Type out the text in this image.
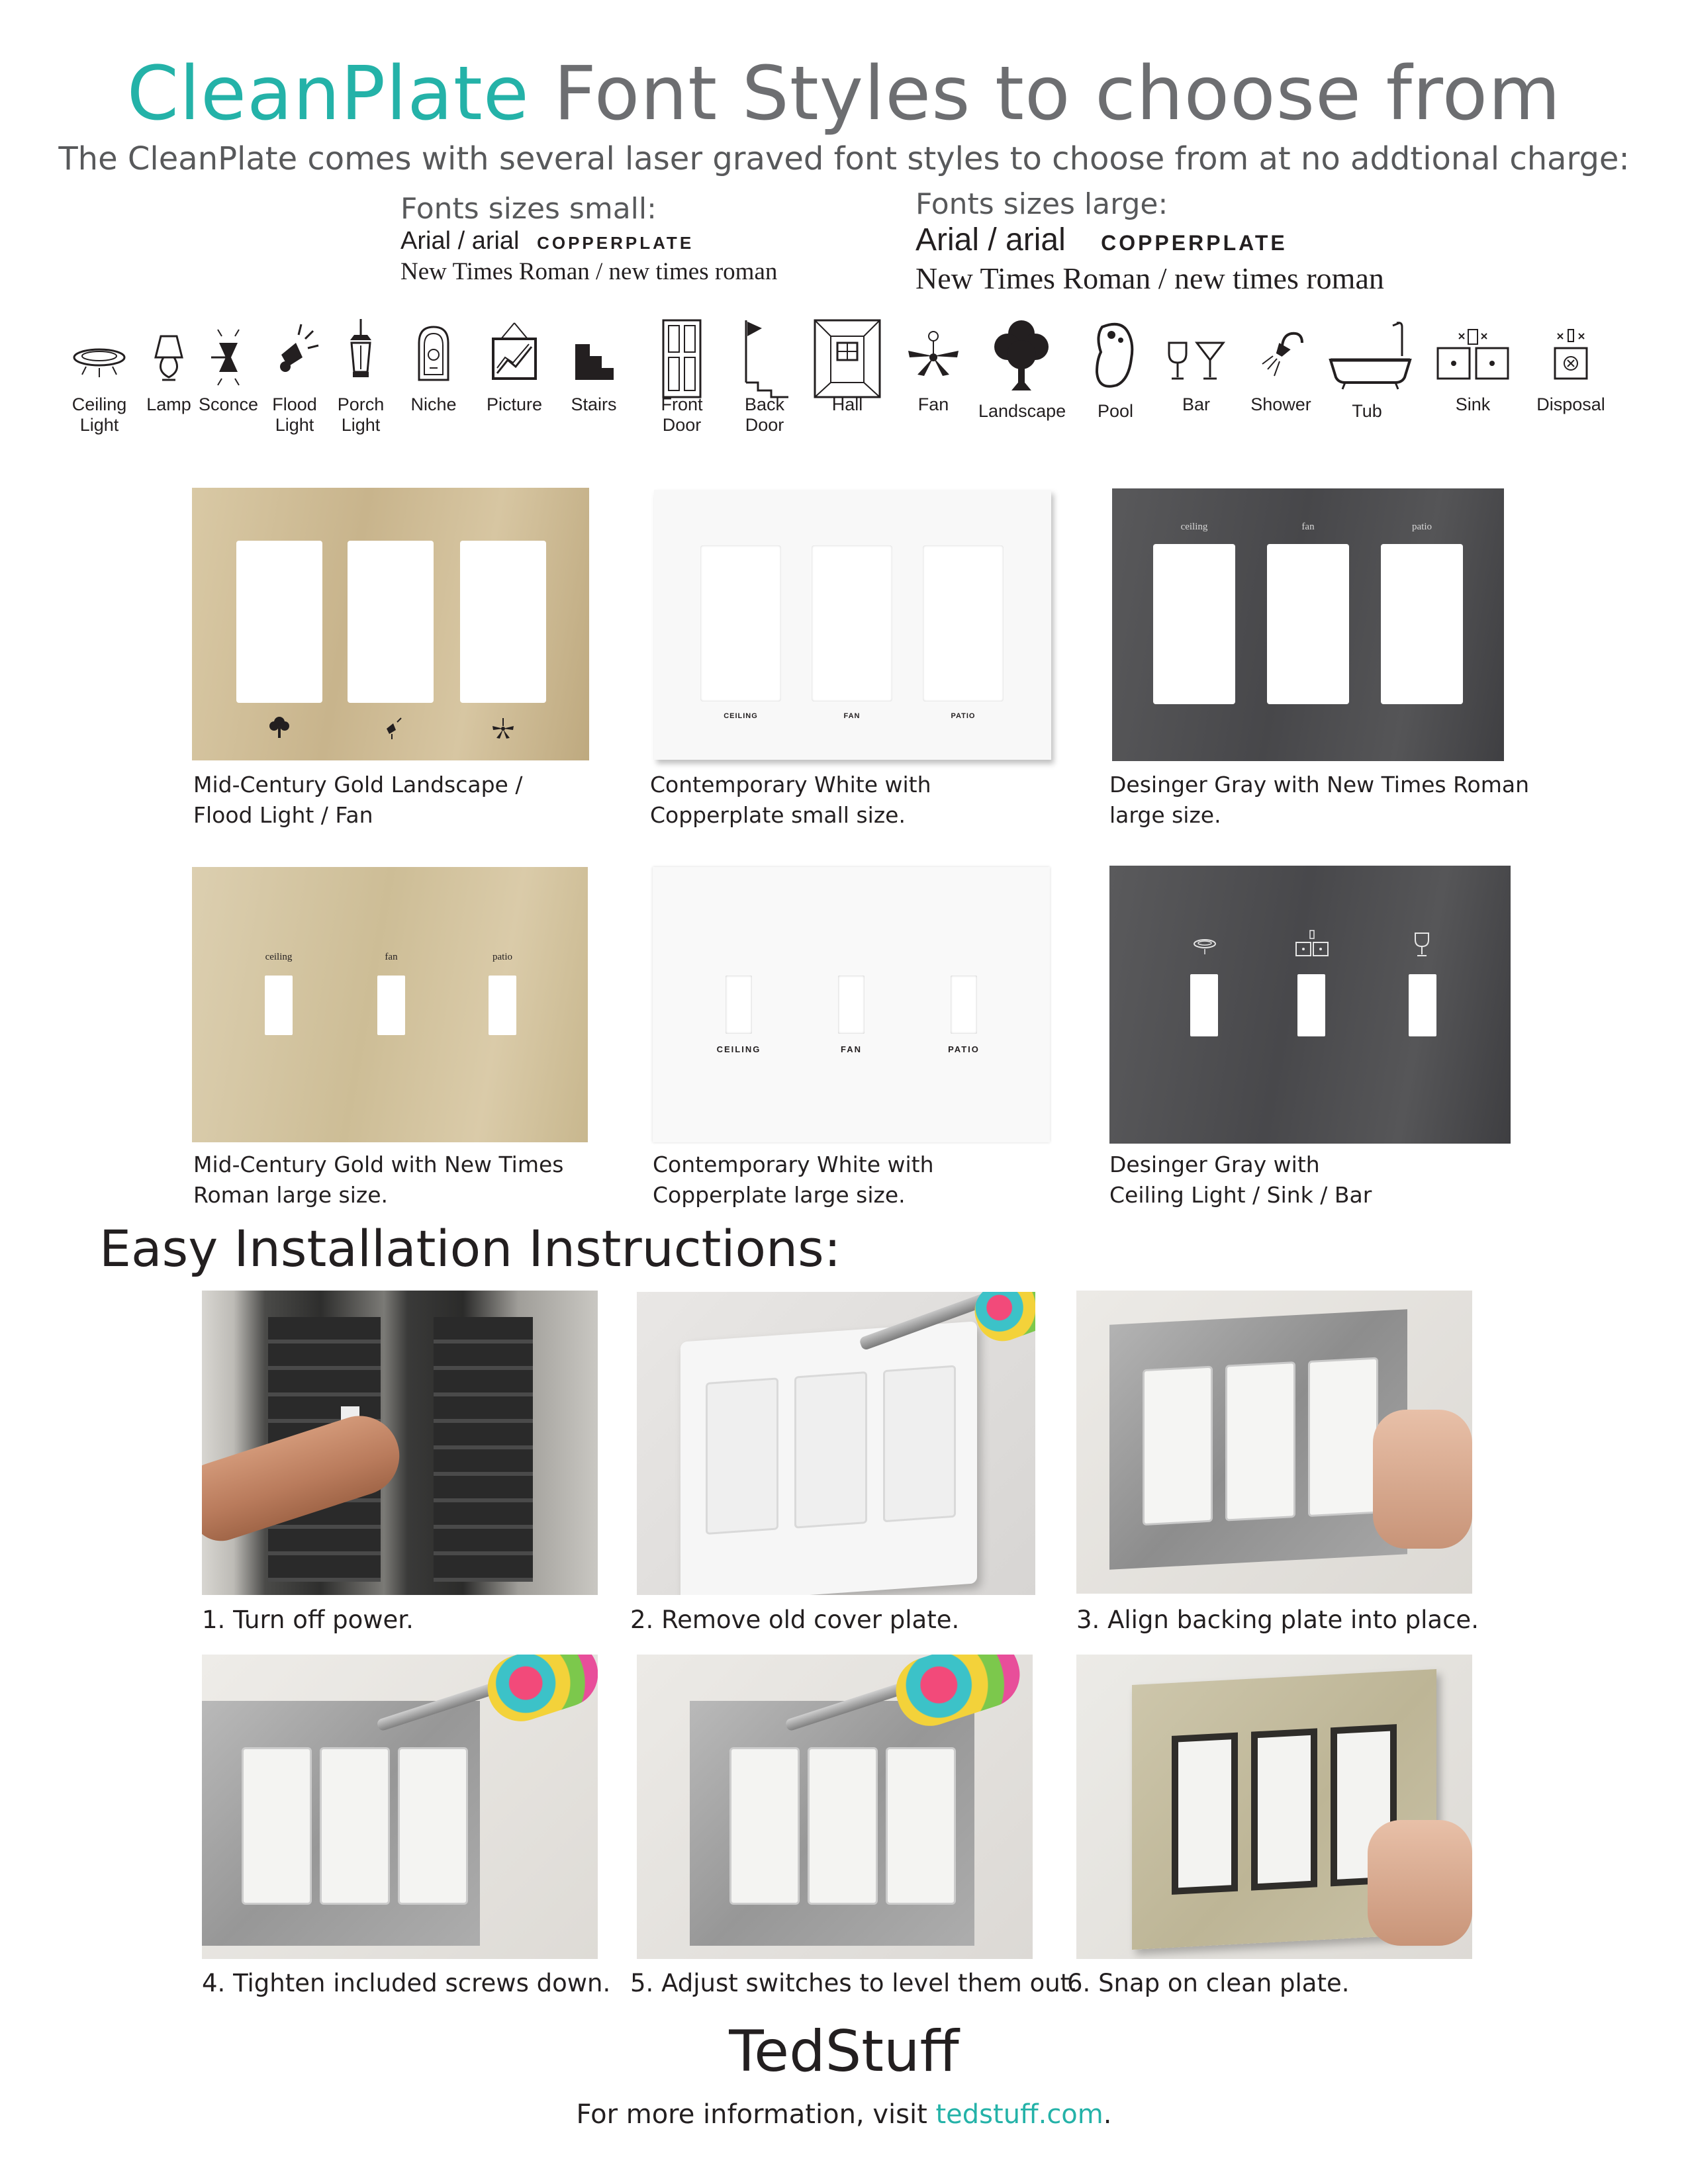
CleanPlate Font Styles to choose from
The CleanPlate comes with several laser graved font styles to choose from at no addtional charge:
Fonts sizes small:
Arial / arial COPPERPLATE
New Times Roman / new times roman
Fonts sizes large:
Arial / arial COPPERPLATE
New Times Roman / new times roman
Ceiling
Light
Lamp Sconce Flood
Light
Porch
Light
Niche	Picture	Stairs	Front
Door
Back
Door
Hall	Fan	Landscape	Pool	Bar	Shower	Tub	Sink	Disposal
Mid-Century Gold Landscape /
Flood Light / Fan
CEILING	FAN	PATIO
Contemporary White with
Copperplate small size.
ceiling	fan	patio
Desinger Gray with New Times Roman
large size.
ceiling	fan	patio
Mid-Century Gold with New Times
Roman large size.
CEILING	FAN	PATIO
Contemporary White with
Copperplate large size.
Desinger Gray with
Ceiling Light / Sink / Bar
Easy Installation Instructions:
1. Turn off power.	2. Remove old cover plate.	3. Align backing plate into place.
4. Tighten included screws down. 5. Adjust switches to level them out.
6. Snap on clean plate.
TedStuff
For more information, visit tedstuff.com.
